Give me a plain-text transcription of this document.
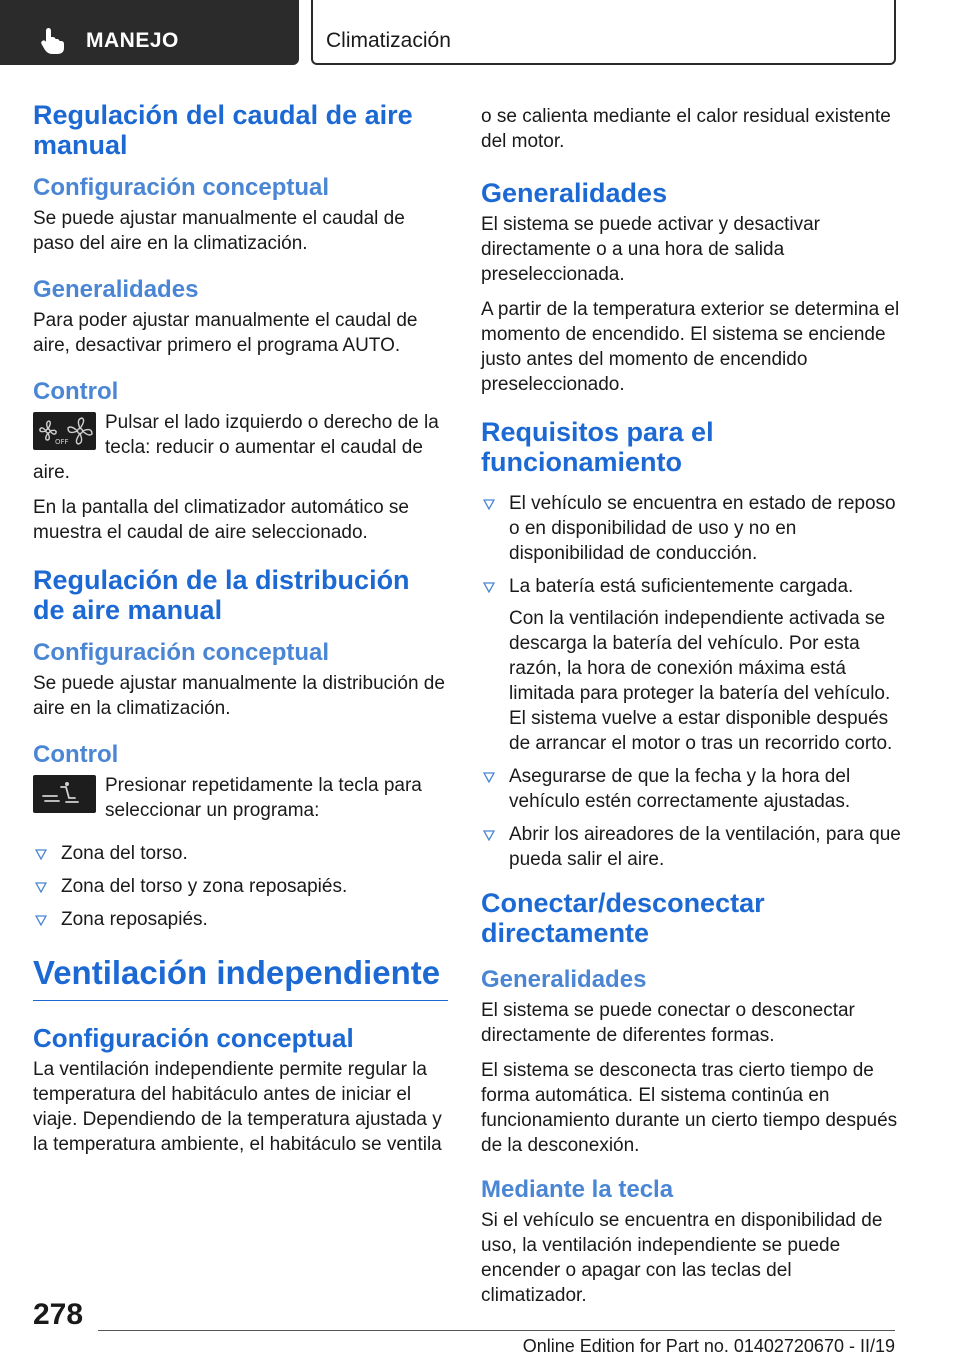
MANEJO	Climatización
Regulación del caudal de aire manual
Configuración conceptual

Se puede ajustar manualmente el caudal de paso del aire en la climatización.

Generalidades

Para poder ajustar manualmente el caudal de aire, desactivar primero el programa AUTO.

Control
OFF

Pulsar el lado izquierdo o derecho de la tecla: reducir o aumentar el caudal de aire.

En la pantalla del climatizador automático se muestra el caudal de aire seleccionado.

Regulación de la distribución de aire manual
Configuración conceptual

Se puede ajustar manualmente la distribución de aire en la climatización.

Control

Presionar repetidamente la tecla para seleccionar un programa:

Zona del torso.
Zona del torso y zona reposapiés.
Zona reposapiés.
Ventilación independiente
Configuración conceptual

La ventilación independiente permite regular la temperatura del habitáculo antes de iniciar el viaje. Dependiendo de la temperatura ajustada y la temperatura ambiente, el habitáculo se ventila

o se calienta mediante el calor residual existente del motor.

Generalidades

El sistema se puede activar y desactivar directamente o a una hora de salida preseleccionada.

A partir de la temperatura exterior se determina el momento de encendido. El sistema se enciende justo antes del momento de encendido preseleccionado.

Requisitos para el funcionamiento
El vehículo se encuentra en estado de reposo o en disponibilidad de uso y no en disponibilidad de conducción.
La batería está suficientemente cargada.

Con la ventilación independiente activada se descarga la batería del vehículo. Por esta razón, la hora de conexión máxima está limitada para proteger la batería del vehículo. El sistema vuelve a estar disponible después de arrancar el motor o tras un recorrido corto.

Asegurarse de que la fecha y la hora del vehículo estén correctamente ajustadas.
Abrir los aireadores de la ventilación, para que pueda salir el aire.
Conectar/desconectar directamente
Generalidades

El sistema se puede conectar o desconectar directamente de diferentes formas.

El sistema se desconecta tras cierto tiempo de forma automática. El sistema continúa en funcionamiento durante un cierto tiempo después de la desconexión.

Mediante la tecla

Si el vehículo se encuentra en disponibilidad de uso, la ventilación independiente se puede encender o apagar con las teclas del climatizador.

278
Online Edition for Part no. 01402720670 - II/19
